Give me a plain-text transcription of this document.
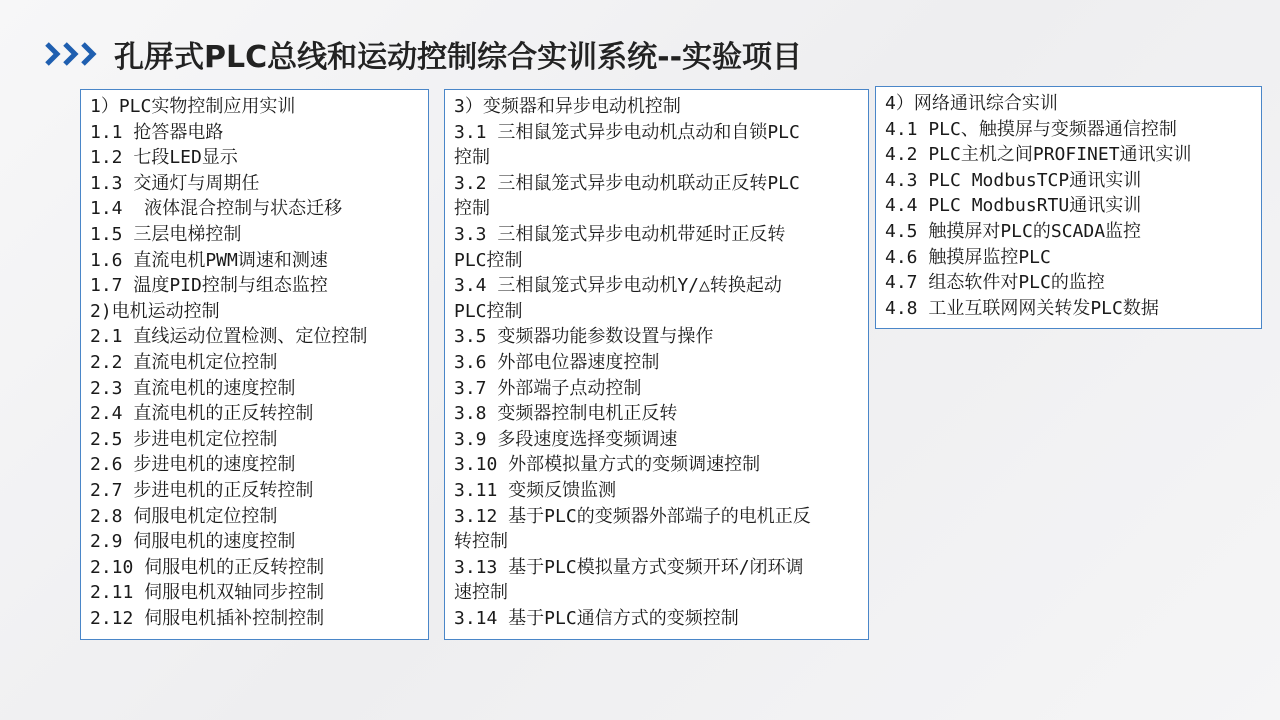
孔屏式PLC总线和运动控制综合实训系统--实验项目
1）PLC实物控制应用实训
1.1 抢答器电路
1.2 七段LED显示
1.3 交通灯与周期任
1.4  液体混合控制与状态迁移
1.5 三层电梯控制
1.6 直流电机PWM调速和测速
1.7 温度PID控制与组态监控
2)电机运动控制
2.1 直线运动位置检测、定位控制
2.2 直流电机定位控制
2.3 直流电机的速度控制
2.4 直流电机的正反转控制
2.5 步进电机定位控制
2.6 步进电机的速度控制
2.7 步进电机的正反转控制
2.8 伺服电机定位控制
2.9 伺服电机的速度控制
2.10 伺服电机的正反转控制
2.11 伺服电机双轴同步控制
2.12 伺服电机插补控制控制
3）变频器和异步电动机控制
3.1 三相鼠笼式异步电动机点动和自锁PLC
控制
3.2 三相鼠笼式异步电动机联动正反转PLC
控制
3.3 三相鼠笼式异步电动机带延时正反转
PLC控制
3.4 三相鼠笼式异步电动机Y/△转换起动
PLC控制
3.5 变频器功能参数设置与操作
3.6 外部电位器速度控制
3.7 外部端子点动控制
3.8 变频器控制电机正反转
3.9 多段速度选择变频调速
3.10 外部模拟量方式的变频调速控制
3.11 变频反馈监测
3.12 基于PLC的变频器外部端子的电机正反
转控制
3.13 基于PLC模拟量方式变频开环/闭环调
速控制
3.14 基于PLC通信方式的变频控制
4）网络通讯综合实训
4.1 PLC、触摸屏与变频器通信控制
4.2 PLC主机之间PROFINET通讯实训
4.3 PLC ModbusTCP通讯实训
4.4 PLC ModbusRTU通讯实训
4.5 触摸屏对PLC的SCADA监控
4.6 触摸屏监控PLC
4.7 组态软件对PLC的监控
4.8 工业互联网网关转发PLC数据
